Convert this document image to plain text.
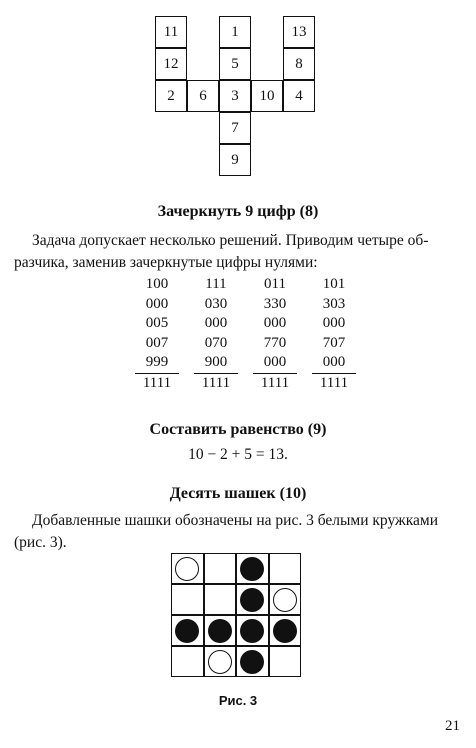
11
12
2	6
1
5
3
7
9
10
13
8
4
Зачеркнуть 9 цифр (8)
Задача допускает несколько решений. Приводим четыре об-
разчика, заменив зачеркнутые цифры нулями:
100
000
005
007
999
1111
111
030
000
070
900
1111
011
330
000
770
000
1111
101
303
000
707
000
1111
Составить равенство (9)
10 − 2 + 5 = 13.
Десять шашек (10)
Добавленные шашки обозначены на рис. 3 белыми кружками
(рис. 3).
Рис. 3
21
